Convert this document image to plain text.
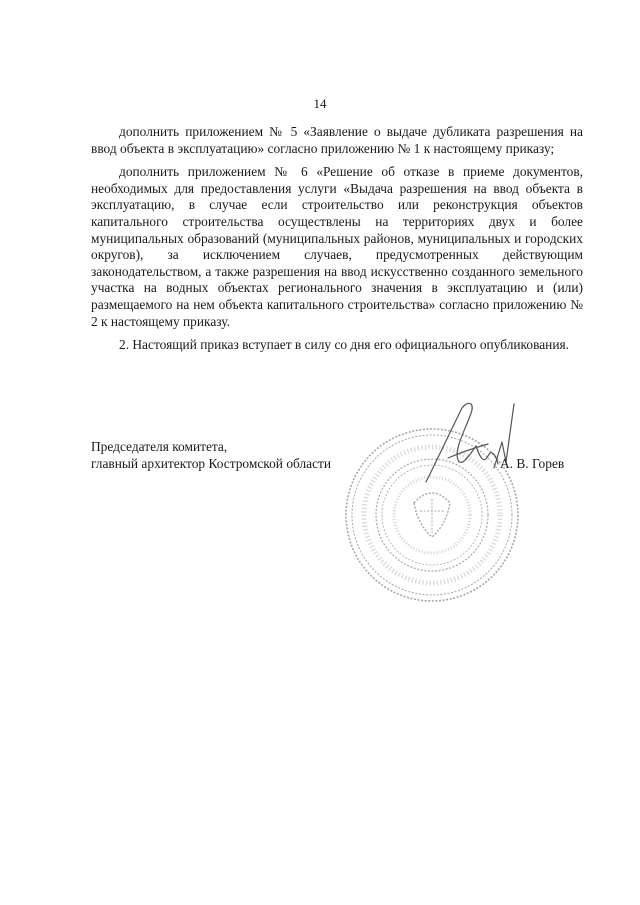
14

дополнить приложением № 5 «Заявление о выдаче дубликата разрешения на ввод объекта в эксплуатацию» согласно приложению № 1 к настоящему приказу;

дополнить приложением № 6 «Решение об отказе в приеме документов, необходимых для предоставления услуги «Выдача разрешения на ввод объекта в эксплуатацию, в случае если строительство или реконструкция объектов капитального строительства осуществлены на территориях двух и более муниципальных образований (муниципальных районов, муниципальных и городских округов), за исключением случаев, предусмотренных действующим законодательством, а также разрешения на ввод искусственно созданного земельного участка на водных объектах регионального значения в эксплуатацию и (или) размещаемого на нем объекта капитального строительства» согласно приложению № 2 к настоящему приказу.

2. Настоящий приказ вступает в силу со дня его официального опубликования.

Председателя комитета,
главный архитектор Костромской области	А. В. Горев
